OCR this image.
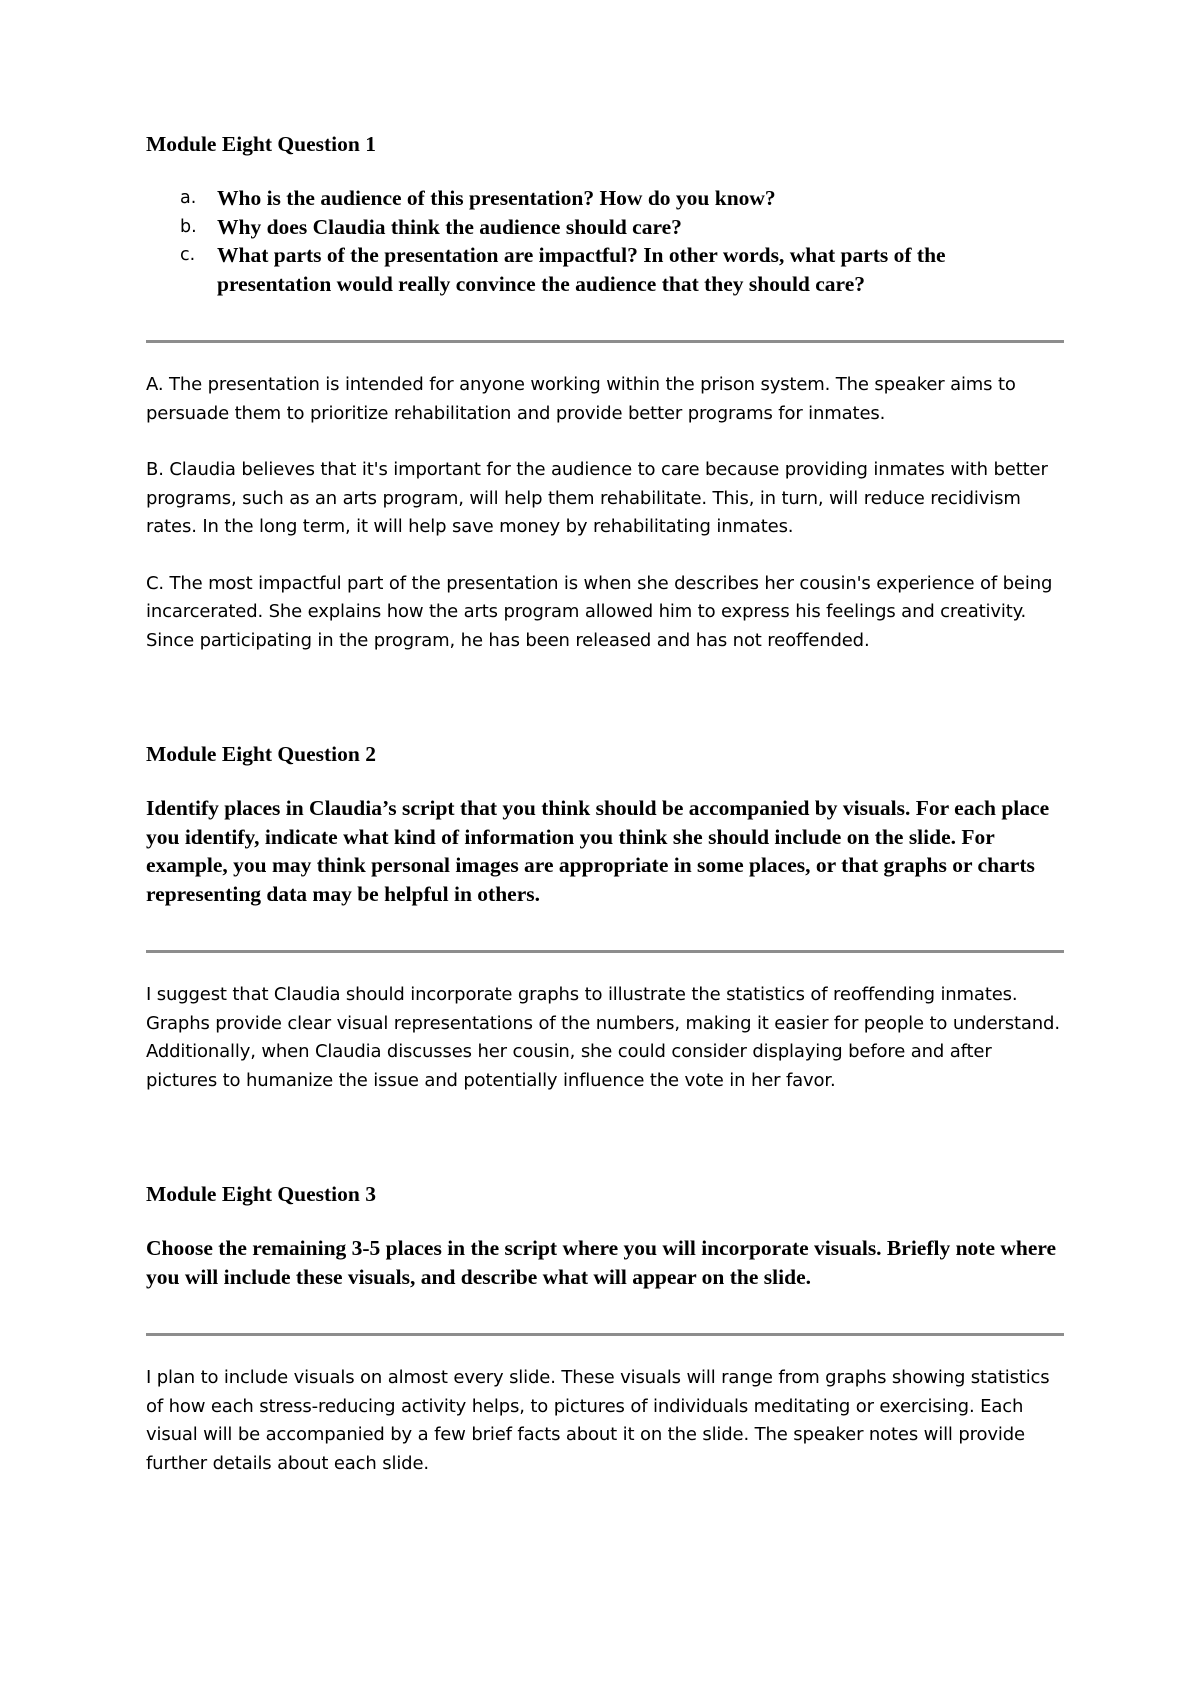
Module Eight Question 1

a. Who is the audience of this presentation? How do you know?
b. Why does Claudia think the audience should care?
c. What parts of the presentation are impactful? In other words, what parts of the presentation would really convince the audience that they should care?

A. The presentation is intended for anyone working within the prison system. The speaker aims to persuade them to prioritize rehabilitation and provide better programs for inmates.

B. Claudia believes that it's important for the audience to care because providing inmates with better programs, such as an arts program, will help them rehabilitate. This, in turn, will reduce recidivism rates. In the long term, it will help save money by rehabilitating inmates.

C. The most impactful part of the presentation is when she describes her cousin's experience of being incarcerated. She explains how the arts program allowed him to express his feelings and creativity. Since participating in the program, he has been released and has not reoffended.

Module Eight Question 2

Identify places in Claudia’s script that you think should be accompanied by visuals. For each place you identify, indicate what kind of information you think she should include on the slide. For example, you may think personal images are appropriate in some places, or that graphs or charts representing data may be helpful in others.

I suggest that Claudia should incorporate graphs to illustrate the statistics of reoffending inmates. Graphs provide clear visual representations of the numbers, making it easier for people to understand. Additionally, when Claudia discusses her cousin, she could consider displaying before and after pictures to humanize the issue and potentially influence the vote in her favor.

Module Eight Question 3

Choose the remaining 3-5 places in the script where you will incorporate visuals. Briefly note where you will include these visuals, and describe what will appear on the slide.

I plan to include visuals on almost every slide. These visuals will range from graphs showing statistics of how each stress-reducing activity helps, to pictures of individuals meditating or exercising. Each visual will be accompanied by a few brief facts about it on the slide. The speaker notes will provide further details about each slide.
